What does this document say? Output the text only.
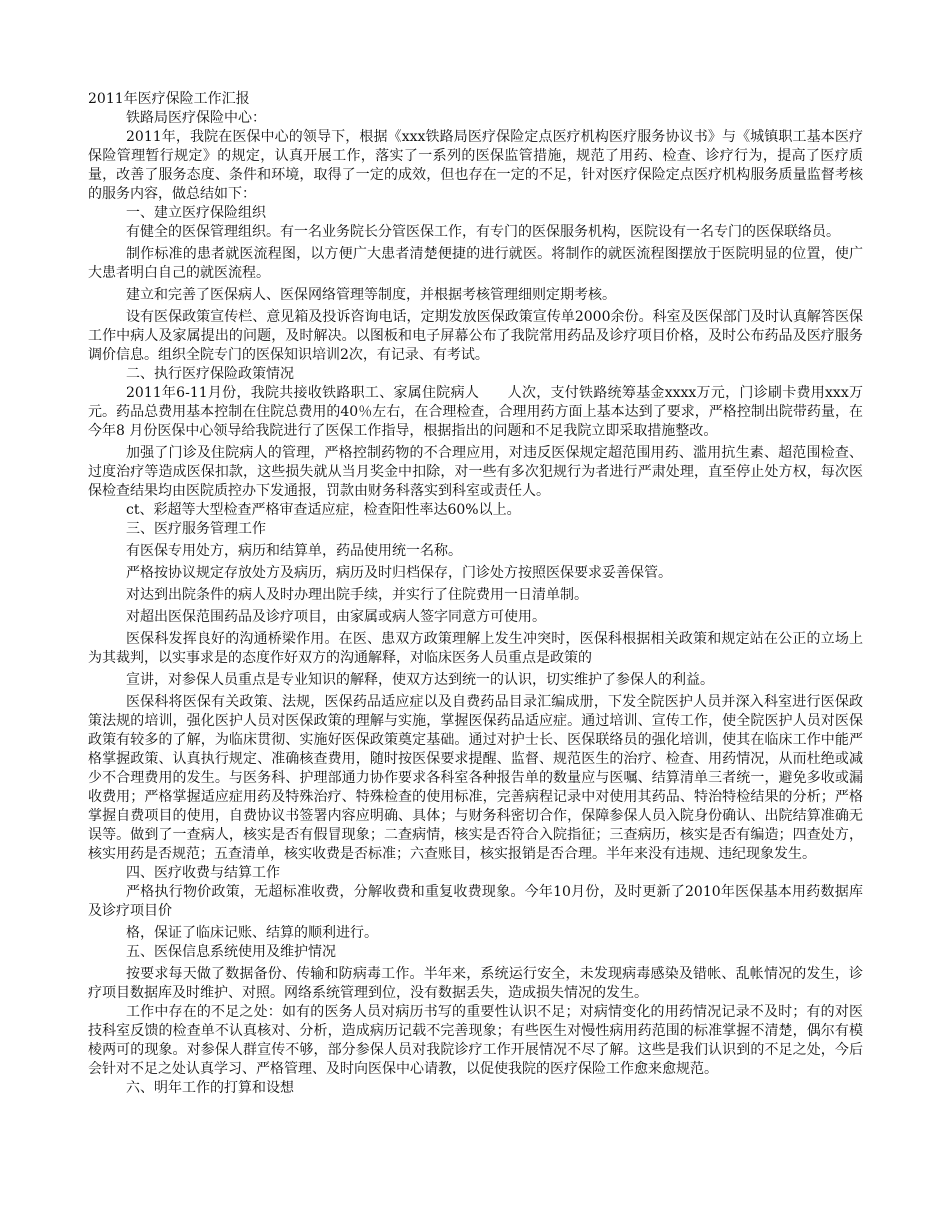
2011年医疗保险工作汇报
铁路局医疗保险中心：
2011年，我院在医保中心的领导下，根据《xxx铁路局医疗保险定点医疗机构医疗服务协议书》与《城镇职工基本医疗保险管理暂行规定》的规定，认真开展工作，落实了一系列的医保监管措施，规范了用药、检查、诊疗行为，提高了医疗质量，改善了服务态度、条件和环境，取得了一定的成效，但也存在一定的不足，针对医疗保险定点医疗机构服务质量监督考核的服务内容，做总结如下：
一、建立医疗保险组织
有健全的医保管理组织。有一名业务院长分管医保工作，有专门的医保服务机构，医院设有一名专门的医保联络员。
制作标准的患者就医流程图，以方便广大患者清楚便捷的进行就医。将制作的就医流程图摆放于医院明显的位置，使广大患者明白自己的就医流程。
建立和完善了医保病人、医保网络管理等制度，并根据考核管理细则定期考核。
设有医保政策宣传栏、意见箱及投诉咨询电话，定期发放医保政策宣传单2000余份。科室及医保部门及时认真解答医保工作中病人及家属提出的问题，及时解决。以图板和电子屏幕公布了我院常用药品及诊疗项目价格，及时公布药品及医疗服务调价信息。组织全院专门的医保知识培训2次，有记录、有考试。
二、执行医疗保险政策情况
2011年6-11月份，我院共接收铁路职工、家属住院病人　　人次，支付铁路统筹基金xxxx万元，门诊刷卡费用xxx万元。药品总费用基本控制在住院总费用的40％左右，在合理检查，合理用药方面上基本达到了要求，严格控制出院带药量，在今年8 月份医保中心领导给我院进行了医保工作指导，根据指出的问题和不足我院立即采取措施整改。
加强了门诊及住院病人的管理，严格控制药物的不合理应用，对违反医保规定超范围用药、滥用抗生素、超范围检查、过度治疗等造成医保扣款，这些损失就从当月奖金中扣除，对一些有多次犯规行为者进行严肃处理，直至停止处方权，每次医保检查结果均由医院质控办下发通报，罚款由财务科落实到科室或责任人。
ct、彩超等大型检查严格审查适应症，检查阳性率达60%以上。
三、医疗服务管理工作
有医保专用处方，病历和结算单，药品使用统一名称。
严格按协议规定存放处方及病历，病历及时归档保存，门诊处方按照医保要求妥善保管。
对达到出院条件的病人及时办理出院手续，并实行了住院费用一日清单制。
对超出医保范围药品及诊疗项目，由家属或病人签字同意方可使用。
医保科发挥良好的沟通桥梁作用。在医、患双方政策理解上发生冲突时，医保科根据相关政策和规定站在公正的立场上为其裁判，以实事求是的态度作好双方的沟通解释，对临床医务人员重点是政策的
宣讲，对参保人员重点是专业知识的解释，使双方达到统一的认识，切实维护了参保人的利益。
医保科将医保有关政策、法规，医保药品适应症以及自费药品目录汇编成册，下发全院医护人员并深入科室进行医保政策法规的培训，强化医护人员对医保政策的理解与实施，掌握医保药品适应症。通过培训、宣传工作，使全院医护人员对医保政策有较多的了解，为临床贯彻、实施好医保政策奠定基础。通过对护士长、医保联络员的强化培训，使其在临床工作中能严格掌握政策、认真执行规定、准确核查费用，随时按医保要求提醒、监督、规范医生的治疗、检查、用药情况，从而杜绝或减少不合理费用的发生。与医务科、护理部通力协作要求各科室各种报告单的数量应与医嘱、结算清单三者统一，避免多收或漏收费用；严格掌握适应症用药及特殊治疗、特殊检查的使用标准，完善病程记录中对使用其药品、特治特检结果的分析；严格掌握自费项目的使用，自费协议书签署内容应明确、具体；与财务科密切合作，保障参保人员入院身份确认、出院结算准确无误等。做到了一查病人，核实是否有假冒现象；二查病情，核实是否符合入院指征；三查病历，核实是否有编造；四查处方，核实用药是否规范；五查清单，核实收费是否标准；六查账目，核实报销是否合理。半年来没有违规、违纪现象发生。
四、医疗收费与结算工作
严格执行物价政策，无超标准收费，分解收费和重复收费现象。今年10月份，及时更新了2010年医保基本用药数据库及诊疗项目价
格，保证了临床记账、结算的顺利进行。
五、医保信息系统使用及维护情况
按要求每天做了数据备份、传输和防病毒工作。半年来，系统运行安全，未发现病毒感染及错帐、乱帐情况的发生，诊疗项目数据库及时维护、对照。网络系统管理到位，没有数据丢失，造成损失情况的发生。
工作中存在的不足之处：如有的医务人员对病历书写的重要性认识不足；对病情变化的用药情况记录不及时；有的对医技科室反馈的检查单不认真核对、分析，造成病历记载不完善现象；有些医生对慢性病用药范围的标准掌握不清楚，偶尔有模棱两可的现象。对参保人群宣传不够，部分参保人员对我院诊疗工作开展情况不尽了解。这些是我们认识到的不足之处，今后会针对不足之处认真学习、严格管理、及时向医保中心请教，以促使我院的医疗保险工作愈来愈规范。
六、明年工作的打算和设想
